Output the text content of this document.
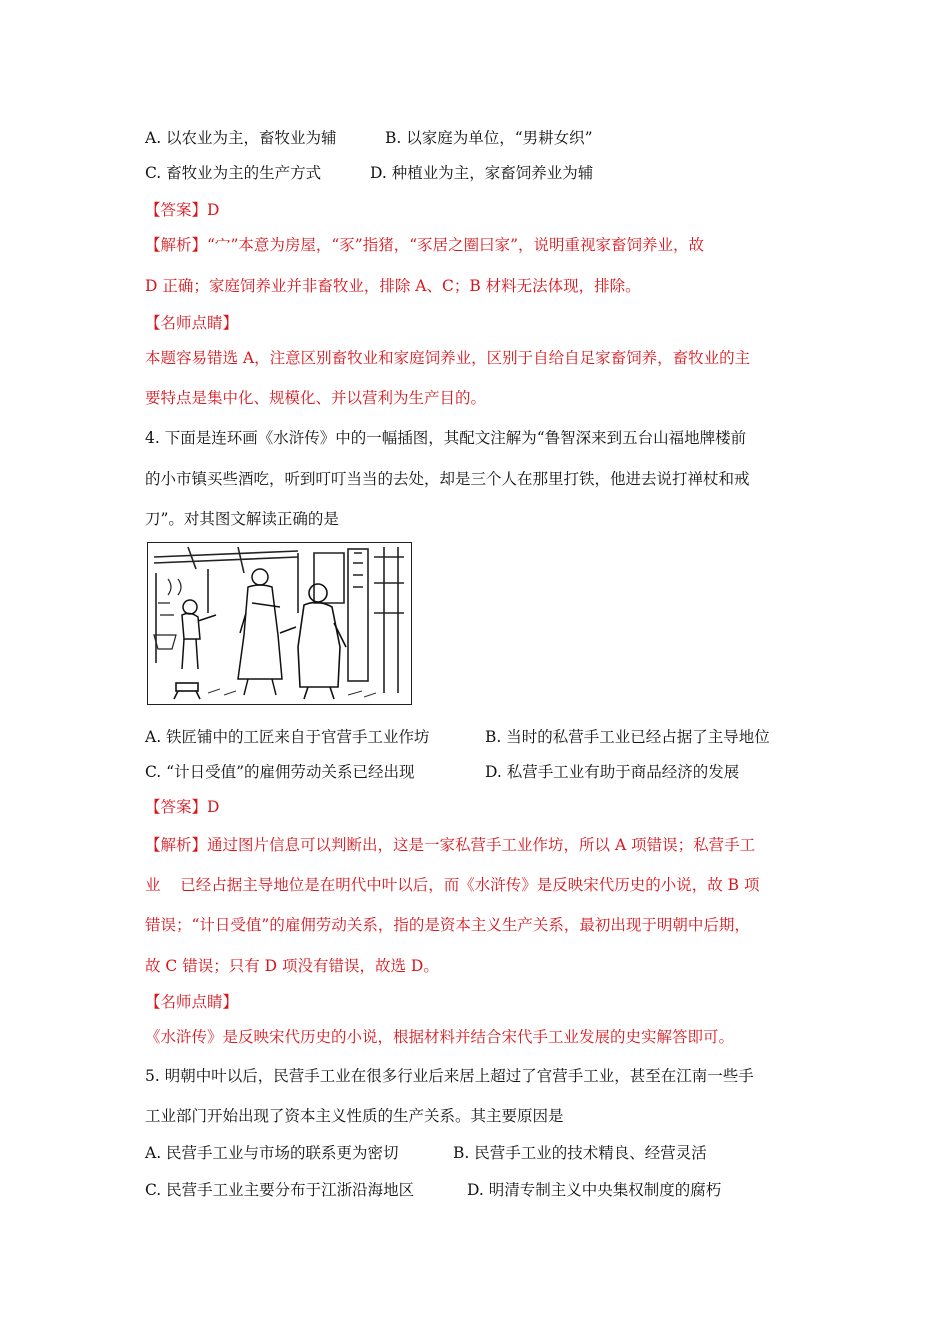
A. 以农业为主，畜牧业为辅	B. 以家庭为单位，“男耕女织”
C. 畜牧业为主的生产方式	D. 种植业为主，家畜饲养业为辅
【答案】D
【解析】“宀”本意为房屋，“豕”指猪，“豕居之圈曰家”，说明重视家畜饲养业，故
D 正确；家庭饲养业并非畜牧业，排除 A、C；B 材料无法体现，排除。
【名师点睛】
本题容易错选 A，注意区别畜牧业和家庭饲养业，区别于自给自足家畜饲养，畜牧业的主
要特点是集中化、规模化、并以营利为生产目的。
4. 下面是连环画《水浒传》中的一幅插图，其配文注解为“鲁智深来到五台山福地牌楼前
的小市镇买些酒吃，听到叮叮当当的去处，却是三个人在那里打铁，他进去说打禅杖和戒
刀”。对其图文解读正确的是
A. 铁匠铺中的工匠来自于官营手工业作坊	B. 当时的私营手工业已经占据了主导地位
C. “计日受值”的雇佣劳动关系已经出现	D. 私营手工业有助于商品经济的发展
【答案】D
【解析】通过图片信息可以判断出，这是一家私营手工业作坊，所以 A 项错误；私营手工
业    已经占据主导地位是在明代中叶以后，而《水浒传》是反映宋代历史的小说，故 B 项
错误；“计日受值”的雇佣劳动关系，指的是资本主义生产关系，最初出现于明朝中后期，
故 C 错误；只有 D 项没有错误，故选 D。
【名师点睛】
《水浒传》是反映宋代历史的小说，根据材料并结合宋代手工业发展的史实解答即可。
5. 明朝中叶以后，民营手工业在很多行业后来居上超过了官营手工业，甚至在江南一些手
工业部门开始出现了资本主义性质的生产关系。其主要原因是
A. 民营手工业与市场的联系更为密切	B. 民营手工业的技术精良、经营灵活
C. 民营手工业主要分布于江浙沿海地区	D. 明清专制主义中央集权制度的腐朽
